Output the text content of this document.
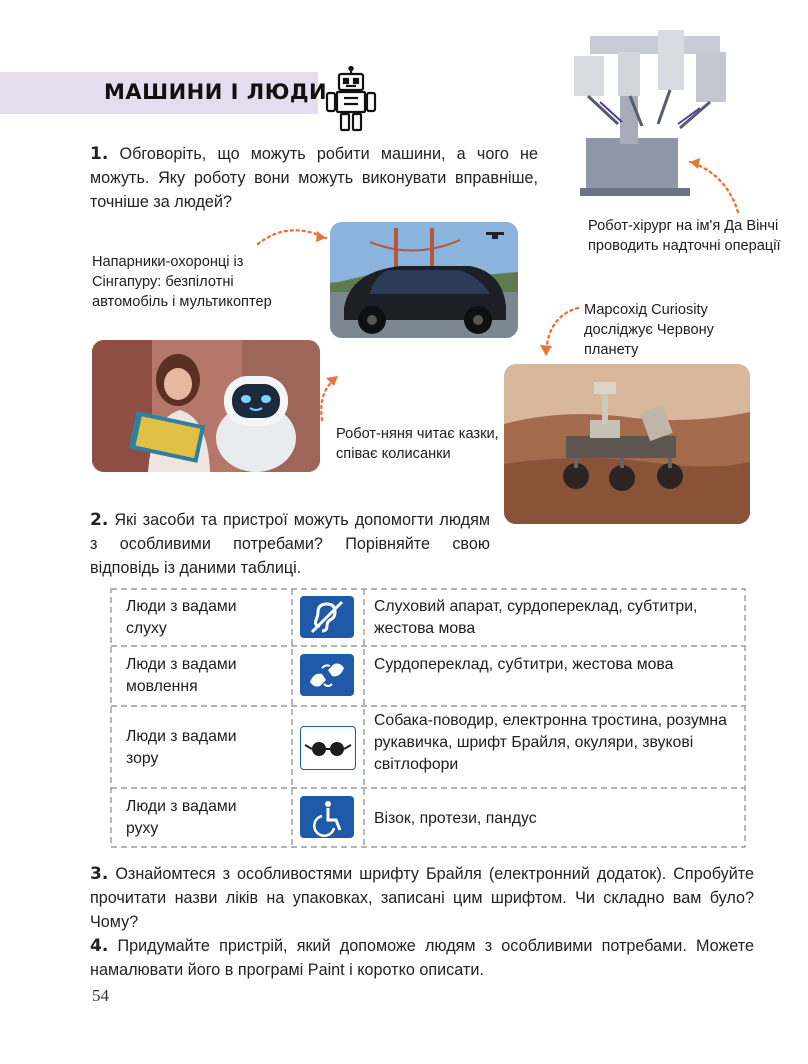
МАШИНИ І ЛЮДИ
1. Обговоріть, що можуть робити машини, а чого не можуть. Яку роботу вони можуть виконувати вправніше, точніше за людей?
Напарники-охоронці із Сінгапуру: безпілотні автомобіль і мультикоптер
Робот-хірург на ім'я Да Вінчі проводить надточні операції
Марсохід Curiosity досліджує Червону планету
Робот-няня читає казки, співає колисанки
2. Які засоби та пристрої можуть допомогти людям з особливими потребами? Порівняйте свою відповідь із даними таблиці.
Люди з вадами слуху
Слуховий апарат, сурдопереклад, субтитри, жестова мова
Люди з вадами мовлення
Сурдопереклад, субтитри, жестова мова
Люди з вадами зору
Собака-поводир, електронна тростина, розумна рукавичка, шрифт Брайля, окуляри, звукові світлофори
Люди з вадами руху
Візок, протези, пандус
3. Ознайомтеся з особливостями шрифту Брайля (електронний додаток). Спробуйте прочитати назви ліків на упаковках, записані цим шрифтом. Чи складно вам було? Чому?
4. Придумайте пристрій, який допоможе людям з особливими потребами. Можете намалювати його в програмі Paint і коротко описати.
54
